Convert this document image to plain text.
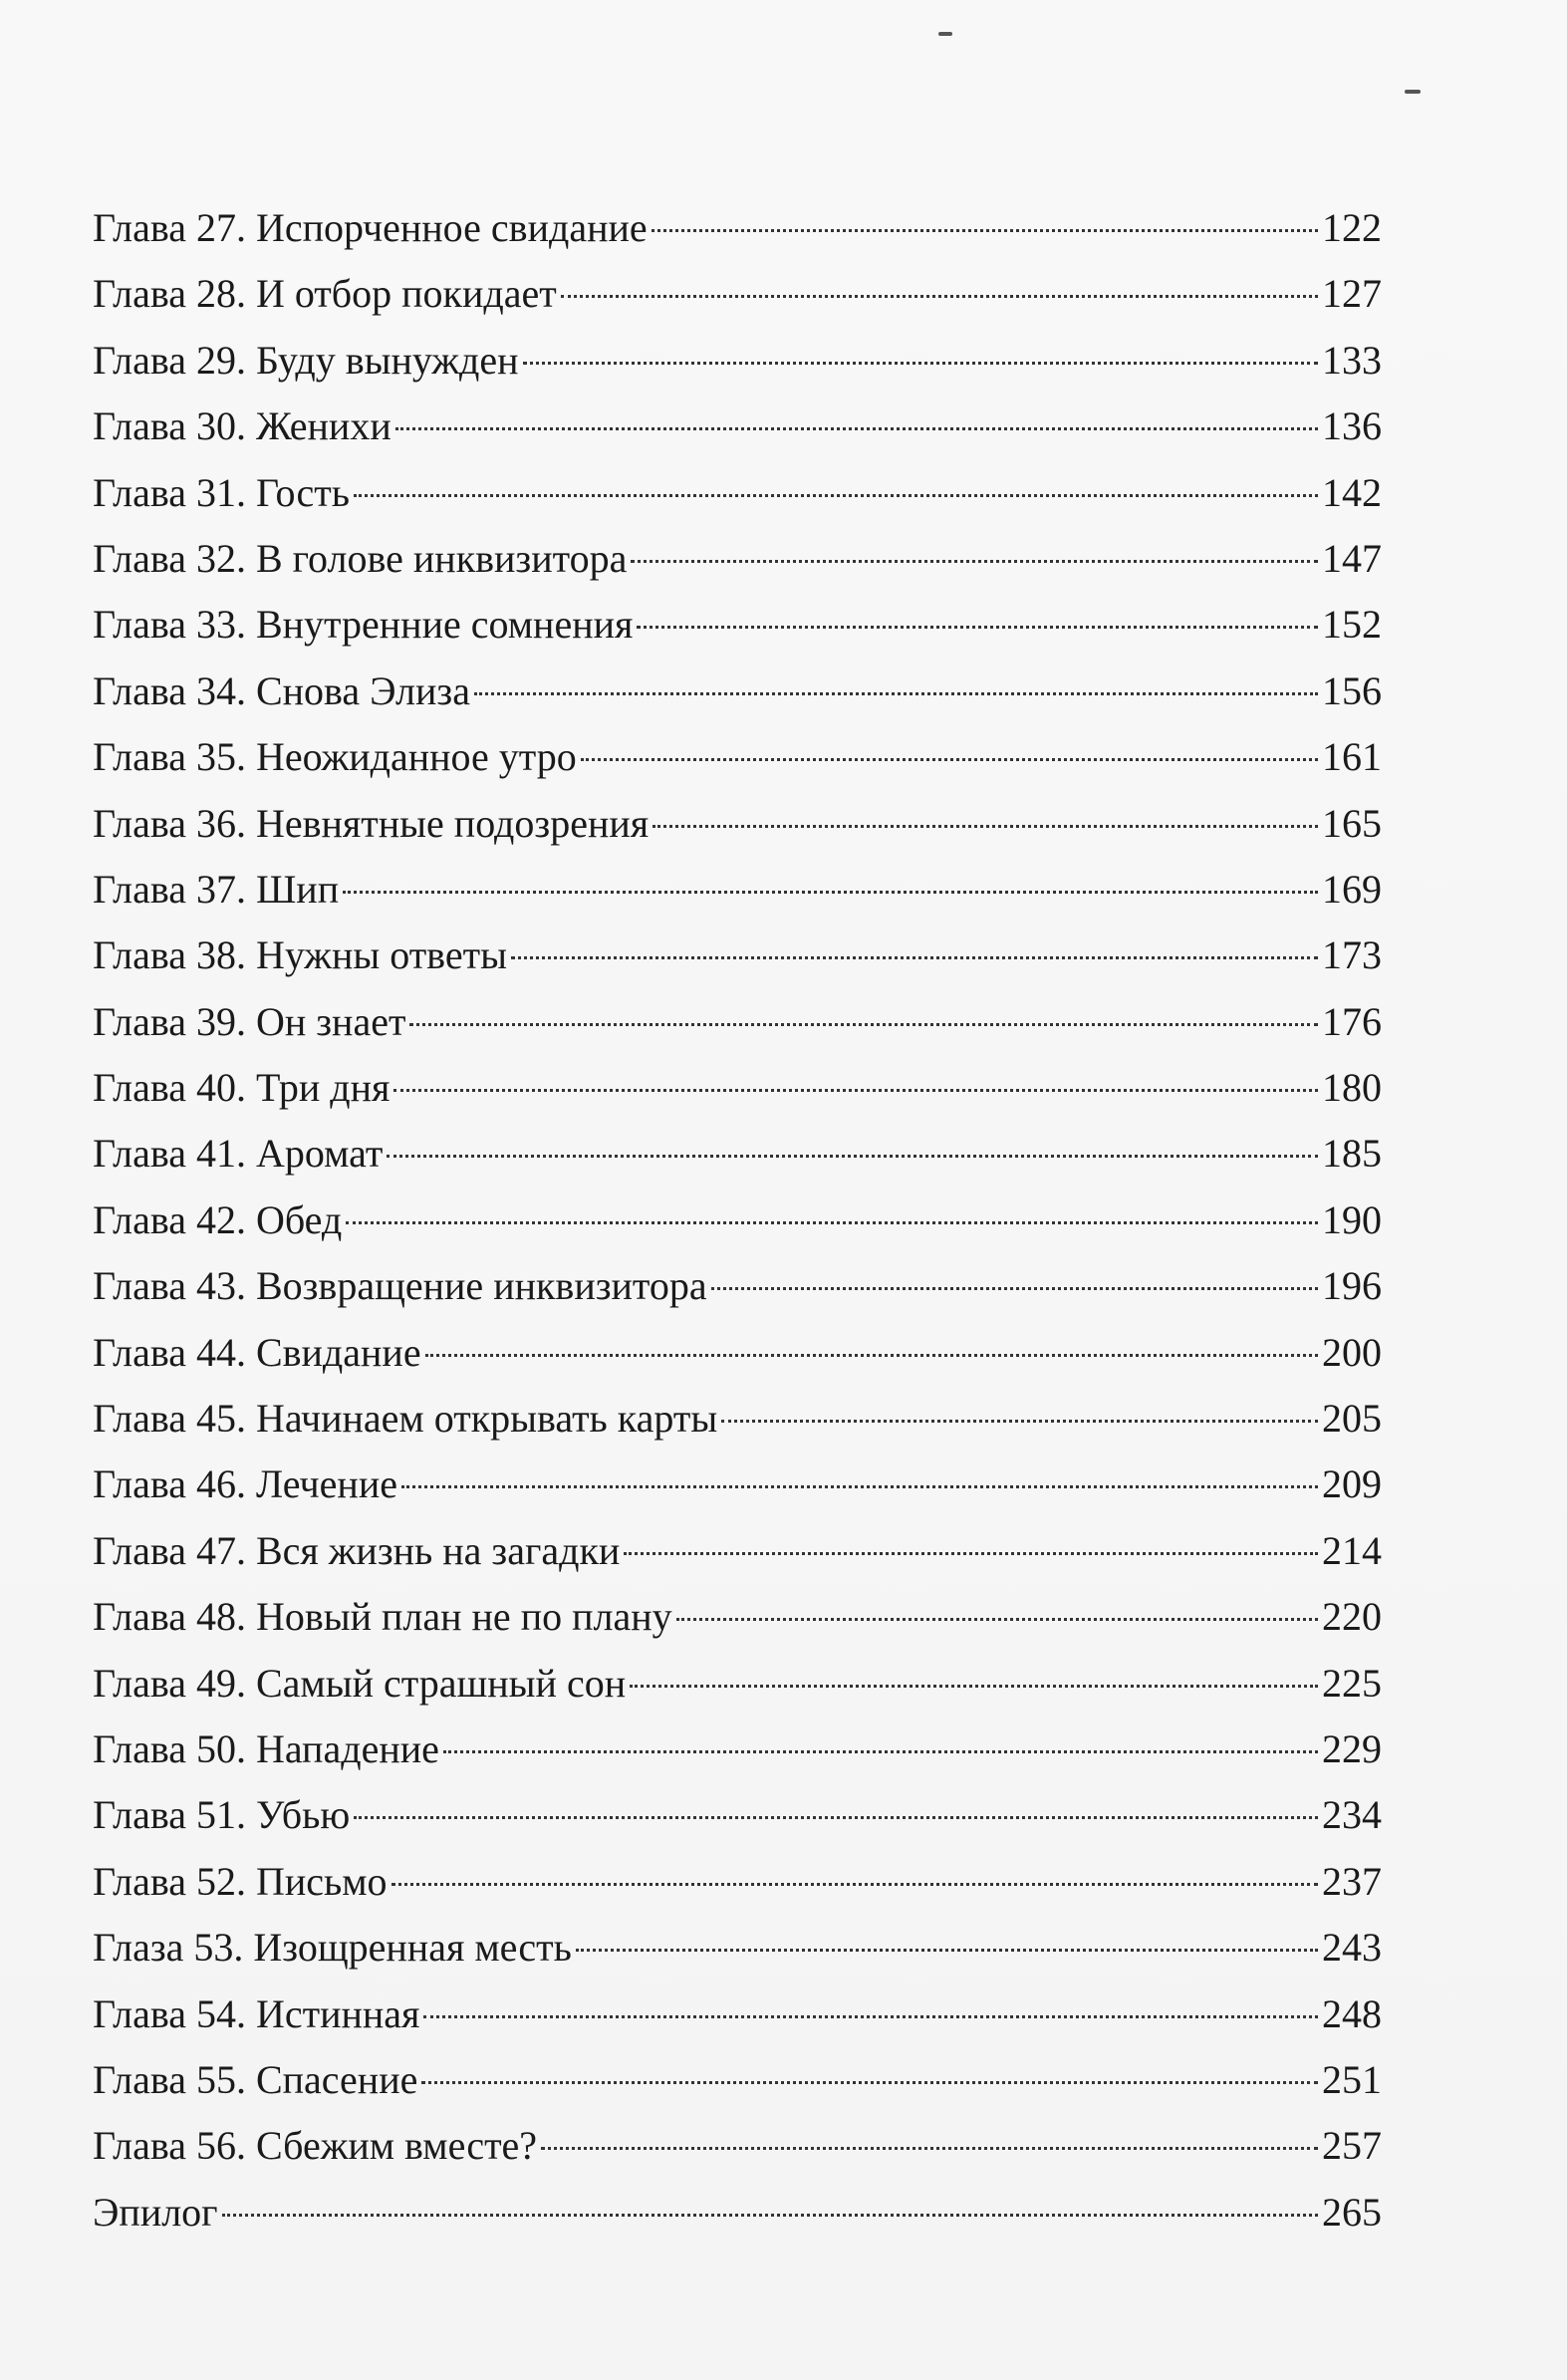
Глава 27. Испорченное свидание	122
Глава 28. И отбор покидает	127
Глава 29. Буду вынужден	133
Глава 30. Женихи	136
Глава 31. Гость	142
Глава 32. В голове инквизитора	147
Глава 33. Внутренние сомнения	152
Глава 34. Снова Элиза	156
Глава 35. Неожиданное утро	161
Глава 36. Невнятные подозрения	165
Глава 37. Шип	169
Глава 38. Нужны ответы	173
Глава 39. Он знает	176
Глава 40. Три дня	180
Глава 41. Аромат	185
Глава 42. Обед	190
Глава 43. Возвращение инквизитора	196
Глава 44. Свидание	200
Глава 45. Начинаем открывать карты	205
Глава 46. Лечение	209
Глава 47. Вся жизнь на загадки	214
Глава 48. Новый план не по плану	220
Глава 49. Самый страшный сон	225
Глава 50. Нападение	229
Глава 51. Убью	234
Глава 52. Письмо	237
Глаза 53. Изощренная месть	243
Глава 54. Истинная	248
Глава 55. Спасение	251
Глава 56. Сбежим вместе?	257
Эпилог	265
